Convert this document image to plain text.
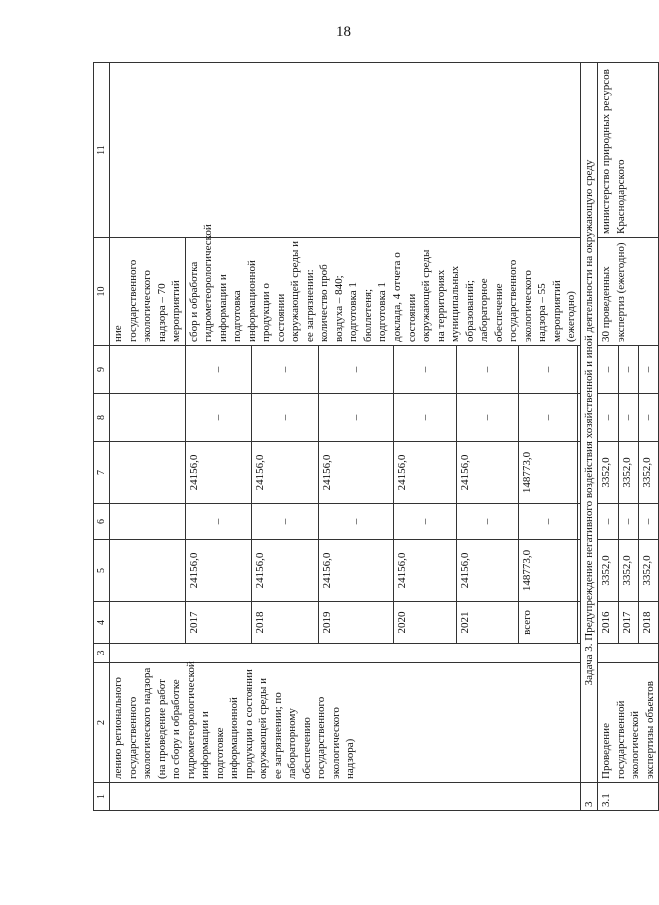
18
1	2	3	4	5	6	7	8	9	10	11
	лению регионального государственного экологического надзора (на проведение работ по сбору и обработке гидрометеорологической информации и подготовке информационной продукции о состоянии окружающей среды и ее загрязнении; по лабораторному обеспечению государственного экологического надзора)								ние государственного экологического надзора – 70 мероприятий	
			2017	24156,0	–	24156,0	–	–	сбор и обработка гидрометеорологической информации и подготовка информационной продукции о состоянии окружающей среды и ее загрязнении: количество проб воздуха – 840; подготовка 1 бюллетеня; подготовка 1 доклада, 4 отчета о состоянии окружающей среды на территориях муниципальных образований; лабораторное обеспечение государственного экологического надзора – 55 мероприятий (ежегодно)	
			2018	24156,0	–	24156,0	–	–		
			2019	24156,0	–	24156,0	–	–		
			2020	24156,0	–	24156,0	–	–		
			2021	24156,0	–	24156,0	–	–		
			всего	148773,0	–	148773,0	–	–		

3	Задача 3. Предупреждение негативного воздействия хозяйственной и иной деятельности на окружающую среду									
3.1	Проведение государственной экологической экспертизы объектов		2016	3352,0	–	3352,0	–	–	30 проведенных экспертиз (ежегодно)	министерство природных ресурсов Краснодарского
			2017	3352,0	–	3352,0	–	–		
			2018	3352,0	–	3352,0	–	–		
